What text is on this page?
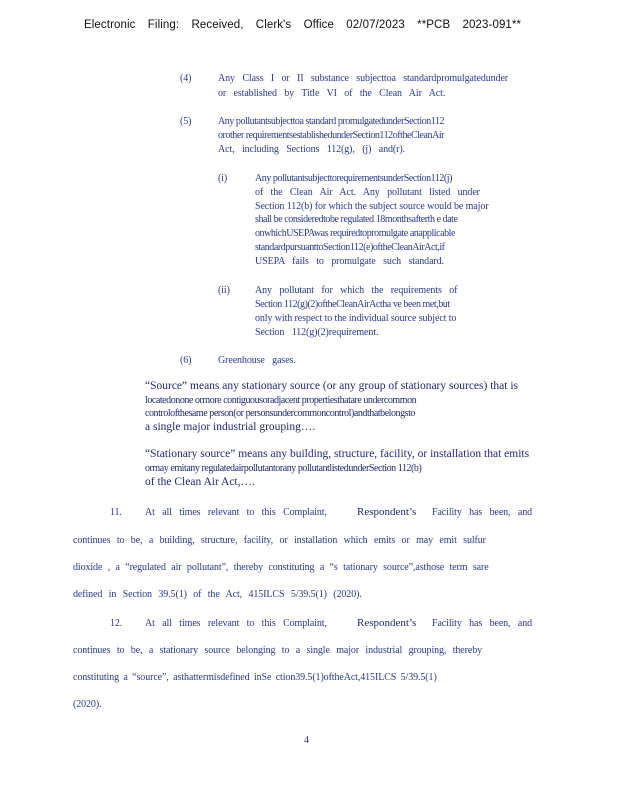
Electronic Filing: Received, Clerk's Office 02/07/2023 **PCB 2023-091**
(4)	Any Class I or II substance subjecttoa standardpromulgatedunder
or established by Title VI of the Clean Air Act.
(5)	Any pollutantsubjecttoa standard promulgatedunderSection112
orother requirementsestablishedunderSection112oftheCleanAir
Act, including Sections 112(g), (j) and(r).
(i)	Any pollutantsubjecttorequirementsunderSection112(j)
of the Clean Air Act. Any pollutant listed under
Section 112(b) for which the subject source would be major
shall be consideredtobe regulated 18monthsafterth e date
onwhichUSEPAwas requiredtopromulgate anapplicable
standardpursuanttoSection112(e)oftheCleanAirAct,if
USEPA fails to promulgate such standard.
(ii)	Any pollutant for which the requirements of
Section 112(g)(2)oftheCleanAirActha ve been met,but
only with respect to the individual source subject to
Section 112(g)(2)requirement.
(6)	Greenhouse gases.
“Source” means any stationary source (or any group of stationary sources) that is
locatedonone ormore contiguousoradjacent propertiesthatare undercommon
controlofthesame person(or personsundercommoncontrol)andthatbelongsto
a single major industrial grouping….
“Stationary source” means any building, structure, facility, or installation that emits
ormay emitany regulatedairpollutantorany pollutantlistedunderSection 112(b)
of the Clean Air Act,….
11. At all times relevant to this Complaint,	Respondent’s Facility has been, and
continues to be, a building, structure, facility, or installation which emits or may emit sulfur
dioxide , a “regulated air pollutant”, thereby constituting a “s tationary source”,asthose term sare
defined in Section 39.5(1) of the Act, 415ILCS 5/39.5(1) (2020).
12. At all times relevant to this Complaint,	Respondent’s Facility has been, and
continues to be, a stationary source belonging to a single major industrial grouping, thereby
constituting a “source”, asthattermisdefined inSe ction39.5(1)oftheAct,415ILCS 5/39.5(1)
(2020).
4
